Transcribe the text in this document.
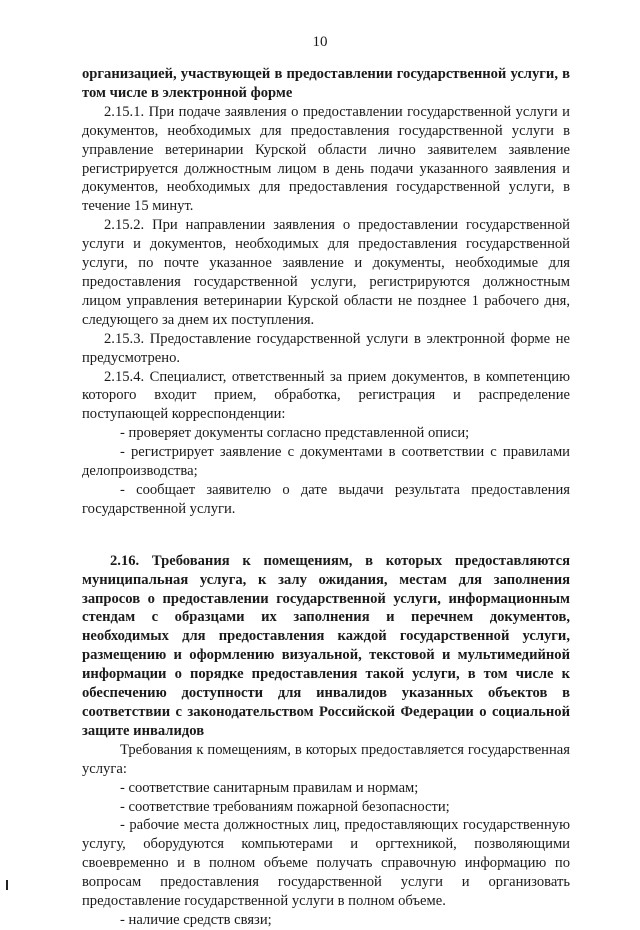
10

организацией, участвующей в предоставлении государственной услуги, в том числе в электронной форме

2.15.1. При подаче заявления о предоставлении государственной услуги и документов, необходимых для предоставления государственной услуги в управление ветеринарии Курской области лично заявителем заявление регистрируется должностным лицом в день подачи указанного заявления и документов, необходимых для предоставления государственной услуги, в течение 15 минут.

2.15.2. При направлении заявления о предоставлении государственной услуги и документов, необходимых для предоставления государственной услуги, по почте указанное заявление и документы, необходимые для предоставления государственной услуги, регистрируются должностным лицом управления ветеринарии Курской области не позднее 1 рабочего дня, следующего за днем их поступления.

2.15.3. Предоставление государственной услуги в электронной форме не предусмотрено.

2.15.4. Специалист, ответственный за прием документов, в компетенцию которого входит прием, обработка, регистрация и распределение поступающей корреспонденции:

- проверяет документы согласно представленной описи;

- регистрирует заявление с документами в соответствии с правилами делопроизводства;

- сообщает заявителю о дате выдачи результата предоставления государственной услуги.

2.16. Требования к помещениям, в которых предоставляются муниципальная услуга, к залу ожидания, местам для заполнения запросов о предоставлении государственной услуги, информационным стендам с образцами их заполнения и перечнем документов, необходимых для предоставления каждой государственной услуги, размещению и оформлению визуальной, текстовой и мультимедийной информации о порядке предоставления такой услуги, в том числе к обеспечению доступности для инвалидов указанных объектов в соответствии с законодательством Российской Федерации о социальной защите инвалидов

Требования к помещениям, в которых предоставляется государственная услуга:

- соответствие санитарным правилам и нормам;

- соответствие требованиям пожарной безопасности;

- рабочие места должностных лиц, предоставляющих государственную услугу, оборудуются компьютерами и оргтехникой, позволяющими своевременно и в полном объеме получать справочную информацию по вопросам предоставления государственной услуги и организовать предоставление государственной услуги в полном объеме.

- наличие средств связи;
